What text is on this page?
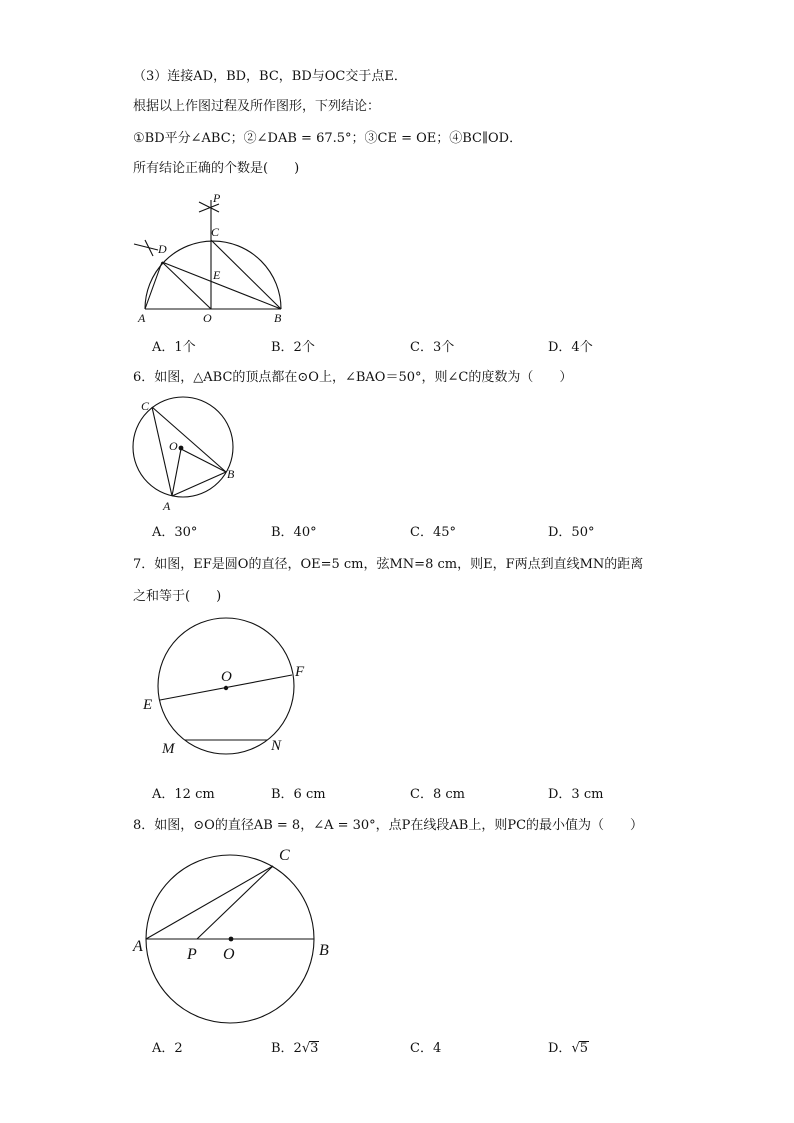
（3）连接AD，BD，BC，BD与OC交于点E．
根据以上作图过程及所作图形，下列结论：
①BD平分∠ABC；②∠DAB = 67.5°；③CE = OE；④BC∥OD．
所有结论正确的个数是(　　)
P
C
D
E
A	O	B
A．1个	B．2个	C．3个	D．4个
6．如图，△ABC的顶点都在⊙O上，∠BAO＝50°，则∠C的度数为（　　）
C
O
B
A
A．30°	B．40°	C．45°	D．50°
7．如图，EF是圆O的直径，OE=5 cm，弦MN=8 cm，则E，F两点到直线MN的距离
之和等于(　　)
O	F
E
M	N
A．12 cm	B．6 cm	C．8 cm	D．3 cm
8．如图，⊙O的直径AB = 8，∠A = 30°，点P在线段AB上，则PC的最小值为（　　）
C
A	P O	B
A．2	B．2√3	C．4	D．√5
